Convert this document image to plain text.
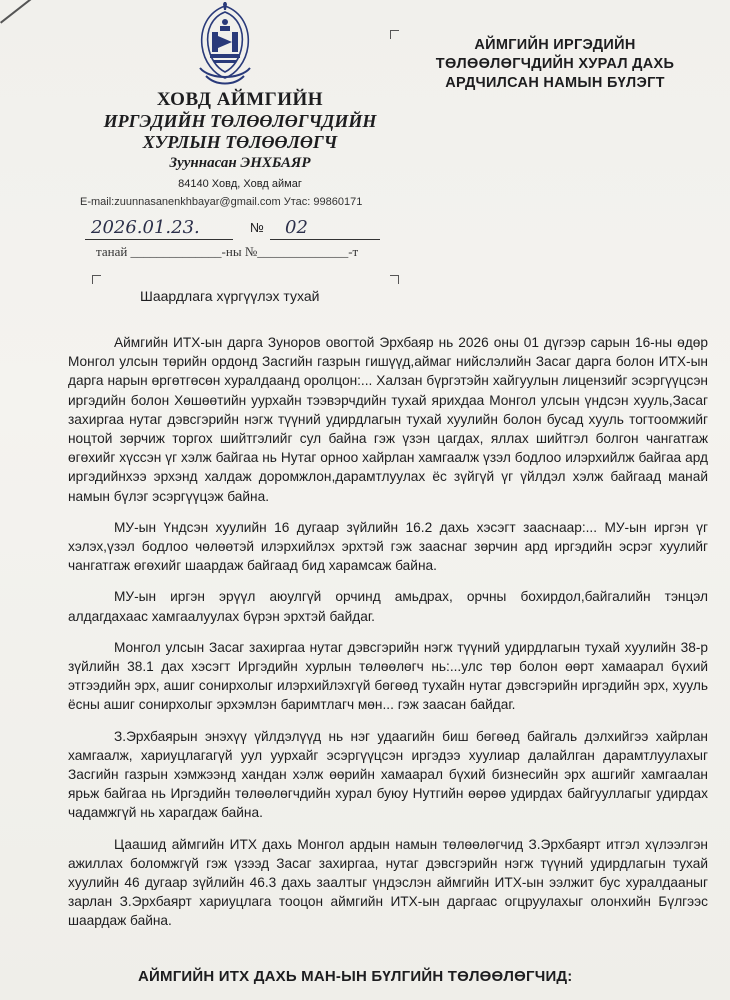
ХОВД АЙМГИЙН
ИРГЭДИЙН ТӨЛӨӨЛӨГЧДИЙН
ХУРЛЫН ТӨЛӨӨЛӨГЧ
Зууннасан ЭНХБАЯР
84140 Ховд, Ховд аймаг
E-mail:zuunnasanenkhbayar@gmail.com Утас: 99860171
2026.01.23.	№ 02
танай ______________-ны №______________-т
АЙМГИЙН ИРГЭДИЙН
ТӨЛӨӨЛӨГЧДИЙН ХУРАЛ ДАХЬ
АРДЧИЛСАН НАМЫН БҮЛЭГТ
Шаардлага хүргүүлэх тухай

Аймгийн ИТХ-ын дарга Зуноров овогтой Эрхбаяр нь 2026 оны 01 дүгээр сарын 16-ны өдөр Монгол улсын төрийн ордонд Засгийн газрын гишүүд,аймаг нийслэлийн Засаг дарга болон ИТХ-ын дарга нарын өргөтгөсөн хуралдаанд оролцон:... Халзан бүргэтэйн хайгуулын лицензийг эсэргүүцсэн иргэдийн болон Хөшөөтийн уурхайн тээвэрчдийн тухай ярихдаа Монгол улсын үндсэн хууль,Засаг захиргаа нутаг дэвсгэрийн нэгж түүний удирдлагын тухай хуулийн болон бусад хууль тогтоомжийг ноцтой зөрчиж торгох шийтгэлийг сул байна гэж үзэн цагдах, яллах шийтгэл болгон чангатгаж өгөхийг хүссэн үг хэлж байгаа нь Нутаг орноо хайрлан хамгаалж үзэл бодлоо илэрхийлж байгаа ард иргэдийнхээ эрхэнд халдаж доромжлон,дарамтлуулах ёс зүйгүй үг үйлдэл хэлж байгаад манай намын бүлэг эсэргүүцэж байна.

МУ-ын Үндсэн хуулийн 16 дугаар зүйлийн 16.2 дахь хэсэгт зааснаар:... МУ-ын иргэн үг хэлэх,үзэл бодлоо чөлөөтэй илэрхийлэх эрхтэй гэж зааснаг зөрчин ард иргэдийн эсрэг хуулийг чангатгаж өгөхийг шаардаж байгаад бид харамсаж байна.

МУ-ын иргэн эрүүл аюулгүй орчинд амьдрах, орчны бохирдол,байгалийн тэнцэл алдагдахаас хамгаалуулах бүрэн эрхтэй байдаг.

Монгол улсын Засаг захиргаа нутаг дэвсгэрийн нэгж түүний удирдлагын тухай хуулийн 38-р зүйлийн 38.1 дах хэсэгт Иргэдийн хурлын төлөөлөгч нь:...улс төр болон өөрт хамаарал бүхий этгээдийн эрх, ашиг сонирхолыг илэрхийлэхгүй бөгөөд тухайн нутаг дэвсгэрийн иргэдийн эрх, хууль ёсны ашиг сонирхолыг эрхэмлэн баримтлагч мөн... гэж заасан байдаг.

З.Эрхбаярын энэхүү үйлдэлүүд нь нэг удаагийн биш бөгөөд байгаль дэлхийгээ хайрлан хамгаалж, хариуцлагагүй уул уурхайг эсэргүүцсэн иргэдээ хуулиар далайлган дарамтлуулахыг Засгийн газрын хэмжээнд хандан хэлж өөрийн хамаарал бүхий бизнесийн эрх ашгийг хамгаалан ярьж байгаа нь Иргэдийн төлөөлөгчдийн хурал буюу Нутгийн өөрөө удирдах байгууллагыг удирдах чадамжгүй нь харагдаж байна.

Цаашид аймгийн ИТХ дахь Монгол ардын намын төлөөлөгчид З.Эрхбаярт итгэл хүлээлгэн ажиллах боломжгүй гэж үзээд Засаг захиргаа, нутаг дэвсгэрийн нэгж түүний удирдлагын тухай хуулийн 46 дугаар зүйлийн 46.3 дахь заалтыг үндэслэн аймгийн ИТХ-ын ээлжит бус хуралдааныг зарлан З.Эрхбаярт хариуцлага тооцон аймгийн ИТХ-ын даргаас огцруулахыг олонхийн Бүлгээс шаардаж байна.

АЙМГИЙН ИТХ ДАХЬ МАН-ЫН БҮЛГИЙН ТӨЛӨӨЛӨГЧИД:
